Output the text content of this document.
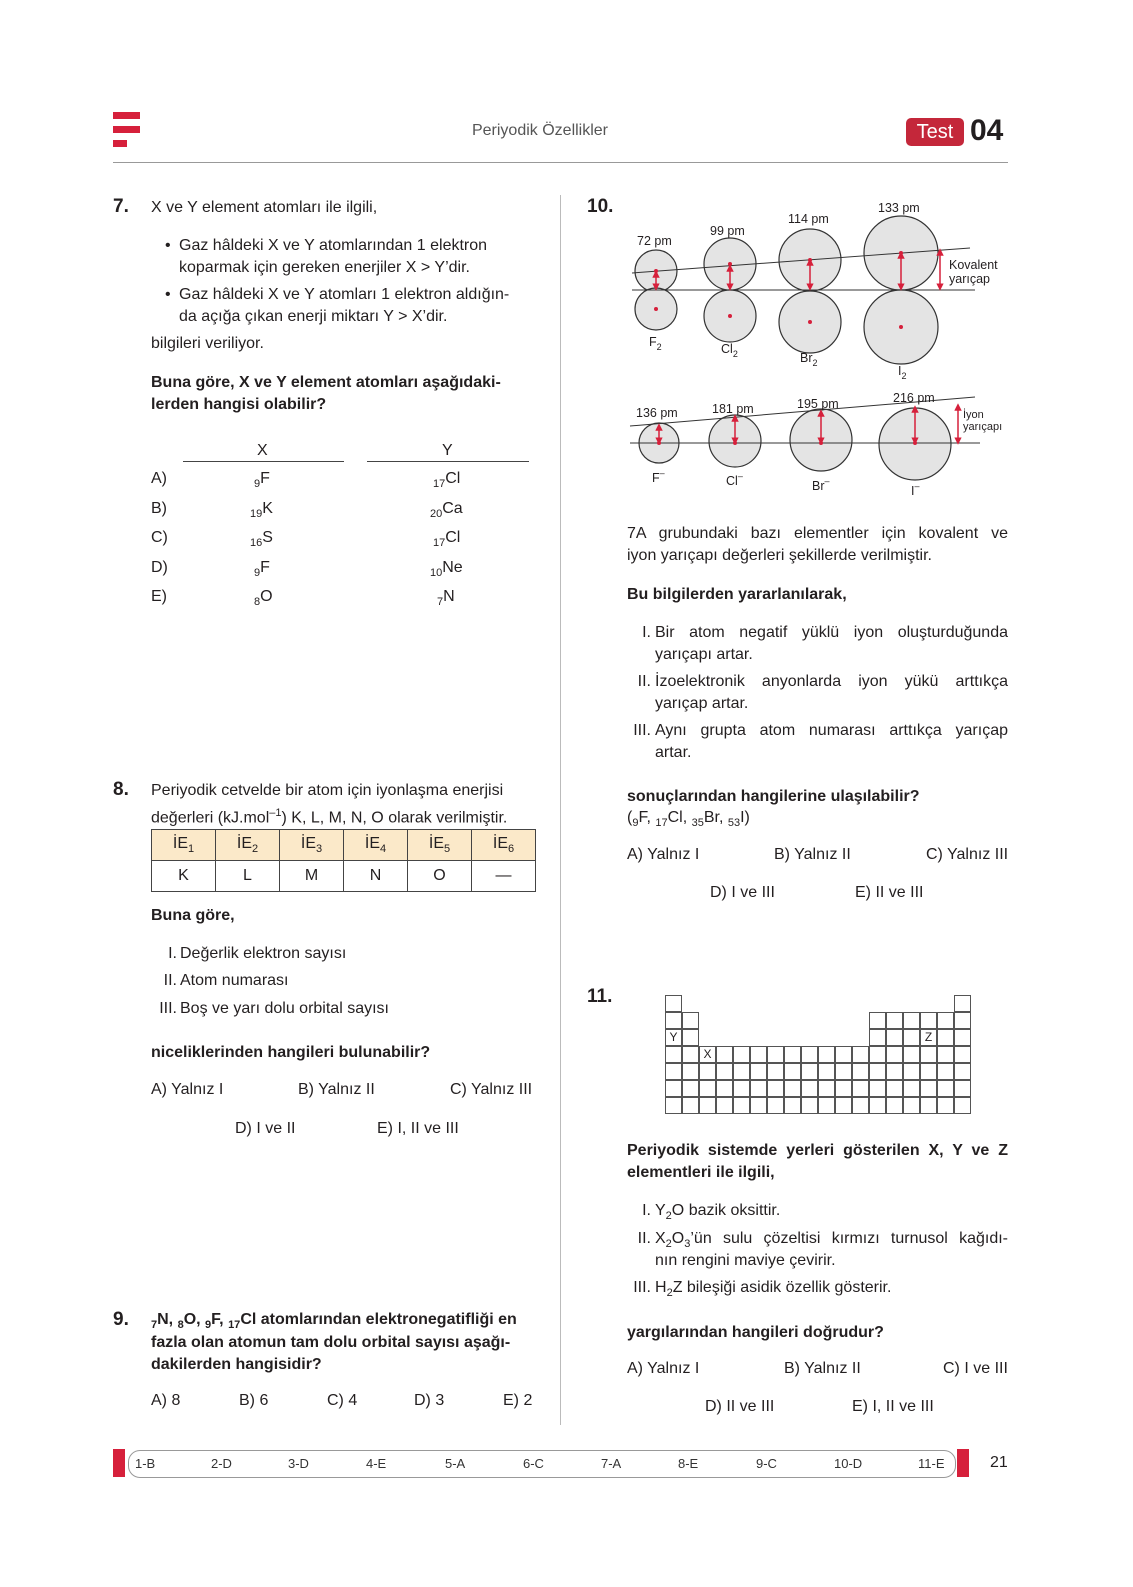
Periyodik Özellikler	Test 04
7. X ve Y element atomları ile ilgili,
• Gaz hâldeki X ve Y atomlarından 1 elektron
koparmak için gereken enerjiler X > Y’dir.
• Gaz hâldeki X ve Y atomları 1 elektron aldığın-
da açığa çıkan enerji miktarı Y > X’dir.
bilgileri veriliyor.
Buna göre, X ve Y element atomları aşağıdaki-
lerden hangisi olabilir?
X	Y
A)	$_9$F	$_{17}$Cl
B)	$_{19}$K	$_{20}$Ca
C)	$_{16}$S	$_{17}$Cl
D)	$_9$F	$_{10}$Ne
E)	$_8$O	$_7$N
8. Periyodik cetvelde bir atom için iyonlaşma enerjisi
değerleri (kJ.mol$^{-1}$) K, L, M, N, O olarak verilmiştir.
$İE_1$	$İE_2$	$İE_3$	$İE_4$	$İE_5$	$İE_6$
K	L	M	N	O	—
Buna göre,
I. Değerlik elektron sayısı
II. Atom numarası
III. Boş ve yarı dolu orbital sayısı
niceliklerinden hangileri bulunabilir?
A) Yalnız I	B) Yalnız II	C) Yalnız III
D) I ve II	E) I, II ve III
9. $_7$N, $_8$O, $_9$F, $_{17}$Cl atomlarından elektronegatifliği en
fazla olan atomun tam dolu orbital sayısı aşağı-
dakilerden hangisidir?
A) 8	B) 6	C) 4	D) 3	E) 2
10.
72 pm
99 pm
114 pm
133 pm
Kovalent
yarıçap
$F_2$	$Cl_2$	$Br_2$
$I_2$
136 pm	181 pm	195 pm	216 pm
İyon
yarıçapı
F–
Cl–
Br–
I–
7A grubundaki bazı elementler için kovalent ve
iyon yarıçapı değerleri şekillerde verilmiştir.
Bu bilgilerden yararlanılarak,
I. Bir atom negatif yüklü iyon oluşturduğunda
yarıçapı artar.
II. İzoelektronik anyonlarda iyon yükü arttıkça
yarıçap artar.
III. Aynı grupta atom numarası arttıkça yarıçap
artar.
sonuçlarından hangilerine ulaşılabilir?
($_9F$, $_{17}$Cl, $_{35}$Br, $_{53}$I)
A) Yalnız I	B) Yalnız II	C) Yalnız III
D) I ve III	E) II ve III
11.
Y	Z
X
Periyodik sistemde yerleri gösterilen X, Y ve Z
elementleri ile ilgili,
I. $Y_2O$ bazik oksittir.
II. $X_2O_3’ün$ sulu çözeltisi kırmızı turnusol kağıdı-
nın rengini maviye çevirir.
III. $H_2Z$ bileşiği asidik özellik gösterir.
yargılarından hangileri doğrudur?
A) Yalnız I	B) Yalnız II	C) I ve III
D) II ve III	E) I, II ve III
1-B	2-D	3-D	4-E	5-A	6-C	7-A	8-E	9-C	10-D	11-E	21
